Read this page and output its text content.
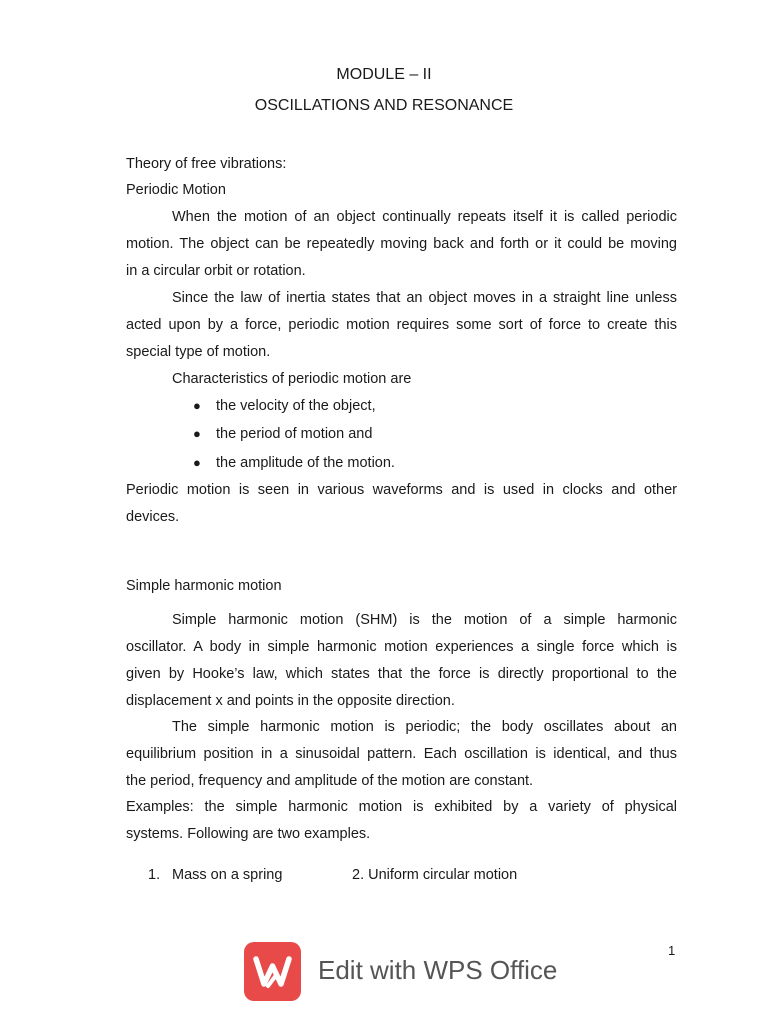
MODULE – II
OSCILLATIONS AND RESONANCE
Theory of free vibrations:
Periodic Motion
When the motion of an object continually repeats itself it is called periodic
motion. The object can be repeatedly moving back and forth or it could be moving
in a circular orbit or rotation.
Since the law of inertia states that an object moves in a straight line unless
acted upon by a force, periodic motion requires some sort of force to create this
special type of motion.
Characteristics of periodic motion are
● the velocity of the object,
● the period of motion and
● the amplitude of the motion.
Periodic motion is seen in various waveforms and is used in clocks and other
devices.
Simple harmonic motion
Simple harmonic motion (SHM) is the motion of a simple harmonic
oscillator. A body in simple harmonic motion experiences a single force which is
given by Hooke’s law, which states that the force is directly proportional to the
displacement x and points in the opposite direction.
The simple harmonic motion is periodic; the body oscillates about an
equilibrium position in a sinusoidal pattern. Each oscillation is identical, and thus
the period, frequency and amplitude of the motion are constant.
Examples: the simple harmonic motion is exhibited by a variety of physical
systems. Following are two examples.
1. Mass on a spring	2. Uniform circular motion
1
Edit with WPS Office
